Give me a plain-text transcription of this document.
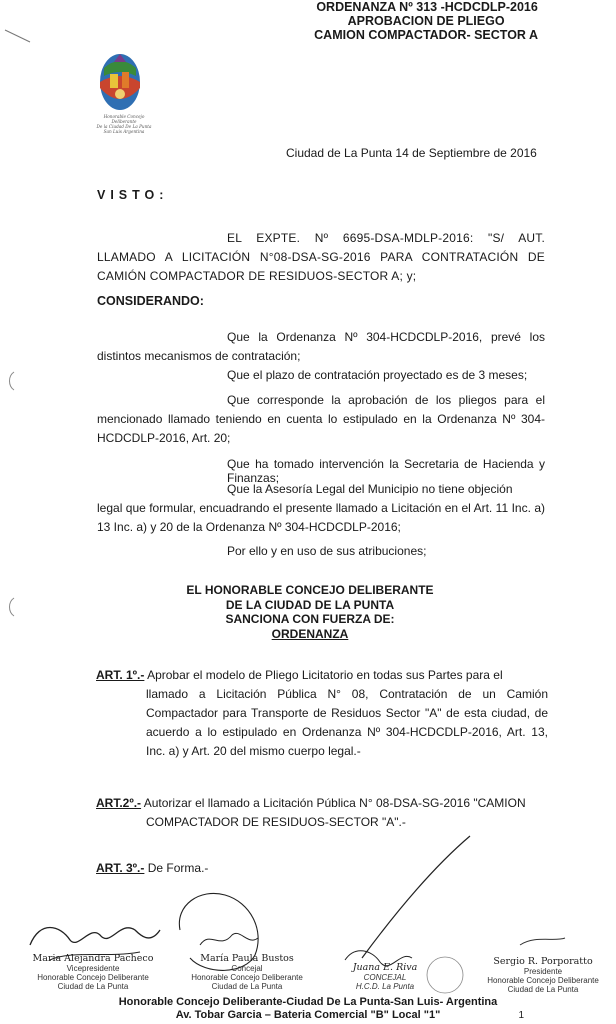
ORDENANZA Nº 313 -HCDCDLP-2016
APROBACION DE PLIEGO
CAMION COMPACTADOR- SECTOR A
Honorable Concejo Deliberante
De la Ciudad De La Punta
San Luis Argentina
Ciudad de La Punta 14 de Septiembre de 2016
VISTO:
EL EXPTE. Nº 6695-DSA-MDLP-2016: "S/ AUT. LLAMADO A LICITACIÓN N°08-DSA-SG-2016 PARA CONTRATACIÓN DE CAMIÓN COMPACTADOR DE RESIDUOS-SECTOR A; y;
CONSIDERANDO:
Que la Ordenanza Nº 304-HCDCDLP-2016, prevé los distintos mecanismos de contratación;
Que el plazo de contratación proyectado es de 3 meses;
Que corresponde la aprobación de los pliegos para el mencionado llamado teniendo en cuenta lo estipulado en la Ordenanza Nº 304-HCDCDLP-2016, Art. 20;
Que ha tomado intervención la Secretaria de Hacienda y Finanzas;
Que la Asesoría Legal del Municipio no tiene objeción
legal que formular, encuadrando el presente llamado a Licitación en el Art. 11 Inc. a) 13 Inc. a) y 20 de la Ordenanza Nº 304-HCDCDLP-2016;
Por ello y en uso de sus atribuciones;
EL HONORABLE CONCEJO DELIBERANTE
DE LA CIUDAD DE LA PUNTA
SANCIONA CON FUERZA DE:
ORDENANZA
ART. 1º.- Aprobar el modelo de Pliego Licitatorio en todas sus Partes para el
llamado a Licitación Pública N° 08, Contratación de un Camión Compactador para Transporte de Residuos Sector "A" de esta ciudad, de acuerdo a lo estipulado en Ordenanza Nº 304-HCDCDLP-2016, Art. 13, Inc. a) y Art. 20 del mismo cuerpo legal.-
ART.2º.- Autorizar el llamado a Licitación Pública N° 08-DSA-SG-2016 "CAMION
COMPACTADOR DE RESIDUOS-SECTOR "A".-
ART. 3º.- De Forma.-
Maria Alejandra Pacheco
Vicepresidente
Honorable Concejo Deliberante
Ciudad de La Punta
María Paula Bustos
Concejal
Honorable Concejo Deliberante
Ciudad de La Punta
Juana E. Riva
CONCEJAL
H.C.D. La Punta
Sergio R. Porporatto
Presidente
Honorable Concejo Deliberante
Ciudad de La Punta
Honorable Concejo Deliberante-Ciudad De La Punta-San Luis- Argentina
Av. Tobar Garcia – Bateria Comercial "B" Local "1"	1
